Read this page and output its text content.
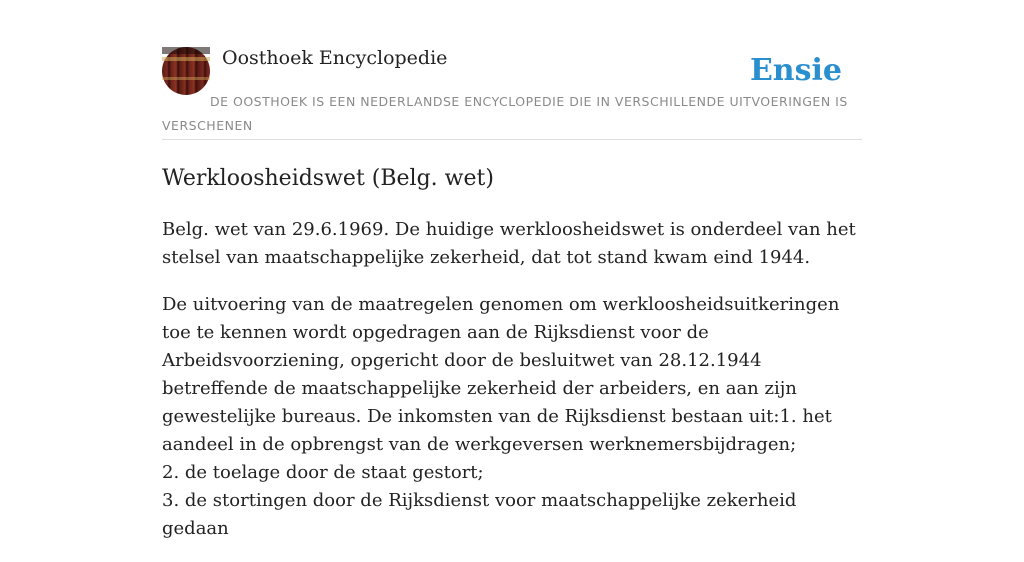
Oosthoek Encyclopedie	Ensie

DE OOSTHOEK IS EEN NEDERLANDSE ENCYCLOPEDIE DIE IN VERSCHILLENDE UITVOERINGEN IS VERSCHENEN

Werkloosheidswet (Belg. wet)

Belg. wet van 29.6.1969. De huidige werkloosheidswet is onderdeel van het stelsel van maatschappelijke zekerheid, dat tot stand kwam eind 1944.

De uitvoering van de maatregelen genomen om werkloosheidsuitkeringen toe te kennen wordt opgedragen aan de Rijksdienst voor de Arbeidsvoorziening, opgericht door de besluitwet van 28.12.1944 betreffende de maatschappelijke zekerheid der arbeiders, en aan zijn gewestelijke bureaus. De inkomsten van de Rijksdienst bestaan uit:1. het aandeel in de opbrengst van de werkgeversen werknemersbijdragen;
2. de toelage door de staat gestort;
3. de stortingen door de Rijksdienst voor maatschappelijke zekerheid gedaan
